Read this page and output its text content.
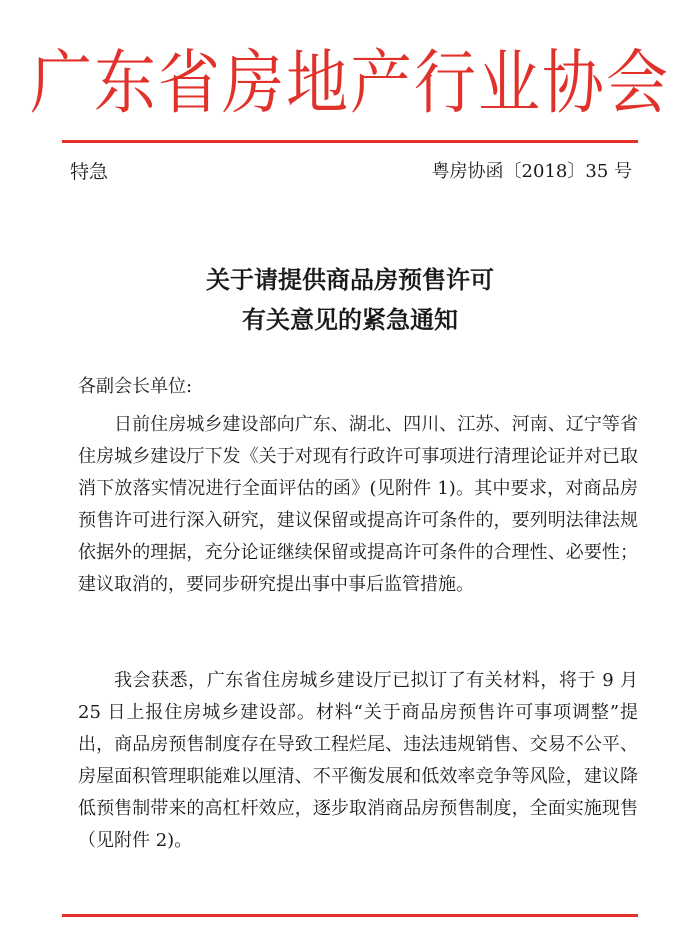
广东省房地产行业协会
特急	粤房协函〔2018〕35 号
关于请提供商品房预售许可
有关意见的紧急通知
各副会长单位:
日前住房城乡建设部向广东、湖北、四川、江苏、河南、辽宁等省住房城乡建设厅下发《关于对现有行政许可事项进行清理论证并对已取消下放落实情况进行全面评估的函》(见附件 1)。其中要求，对商品房预售许可进行深入研究，建议保留或提高许可条件的，要列明法律法规依据外的理据，充分论证继续保留或提高许可条件的合理性、必要性；建议取消的，要同步研究提出事中事后监管措施。
我会获悉，广东省住房城乡建设厅已拟订了有关材料，将于 9 月 25 日上报住房城乡建设部。材料“关于商品房预售许可事项调整”提出，商品房预售制度存在导致工程烂尾、违法违规销售、交易不公平、房屋面积管理职能难以厘清、不平衡发展和低效率竞争等风险，建议降低预售制带来的高杠杆效应，逐步取消商品房预售制度，全面实施现售（见附件 2)。
